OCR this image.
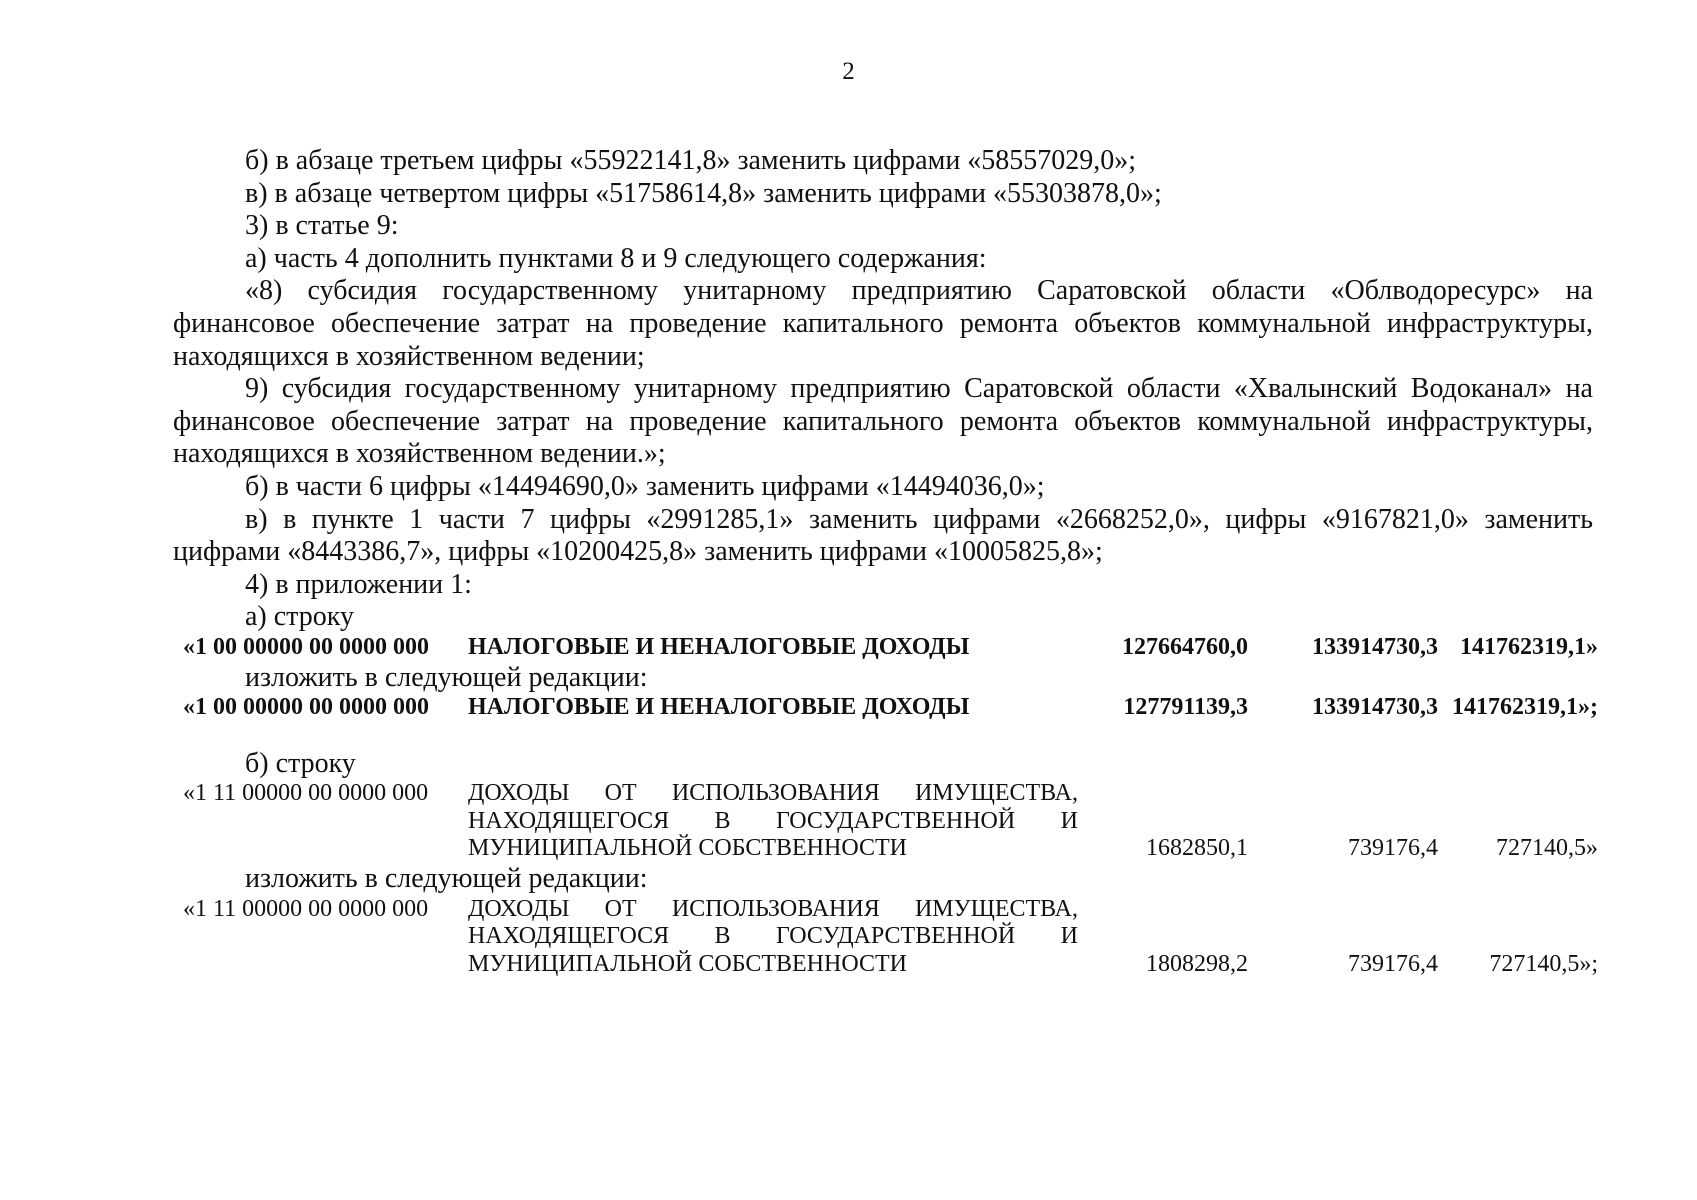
2

б) в абзаце третьем цифры «55922141,8» заменить цифрами «58557029,0»;

в) в абзаце четвертом цифры «51758614,8» заменить цифрами «55303878,0»;

3) в статье 9:

а) часть 4 дополнить пунктами 8 и 9 следующего содержания:

«8) субсидия государственному унитарному предприятию Саратовской области «Облводоресурс» на финансовое обеспечение затрат на проведение капитального ремонта объектов коммунальной инфраструктуры, находящихся в хозяйственном ведении;

9) субсидия государственному унитарному предприятию Саратовской области «Хвалынский Водоканал» на финансовое обеспечение затрат на проведение капитального ремонта объектов коммунальной инфраструктуры, находящихся в хозяйственном ведении.»;

б) в части 6 цифры «14494690,0» заменить цифрами «14494036,0»;

в) в пункте 1 части 7 цифры «2991285,1» заменить цифрами «2668252,0», цифры «9167821,0» заменить цифрами «8443386,7», цифры «10200425,8» заменить цифрами «10005825,8»;

4) в приложении 1:

а) строку

«1 00 00000 00 0000 000	НАЛОГОВЫЕ И НЕНАЛОГОВЫЕ ДОХОДЫ	127664760,0	133914730,3 141762319,1»

изложить в следующей редакции:

«1 00 00000 00 0000 000	НАЛОГОВЫЕ И НЕНАЛОГОВЫЕ ДОХОДЫ	127791139,3	133914730,3 141762319,1»;

б) строку

«1 11 00000 00 0000 000	ДОХОДЫ ОТ ИСПОЛЬЗОВАНИЯ ИМУЩЕСТВА, НАХОДЯЩЕГОСЯ В ГОСУДАРСТВЕННОЙ И МУНИЦИПАЛЬНОЙ СОБСТВЕННОСТИ	1682850,1	739176,4	727140,5»

изложить в следующей редакции:

«1 11 00000 00 0000 000	ДОХОДЫ ОТ ИСПОЛЬЗОВАНИЯ ИМУЩЕСТВА, НАХОДЯЩЕГОСЯ В ГОСУДАРСТВЕННОЙ И МУНИЦИПАЛЬНОЙ СОБСТВЕННОСТИ	1808298,2	739176,4	727140,5»;
